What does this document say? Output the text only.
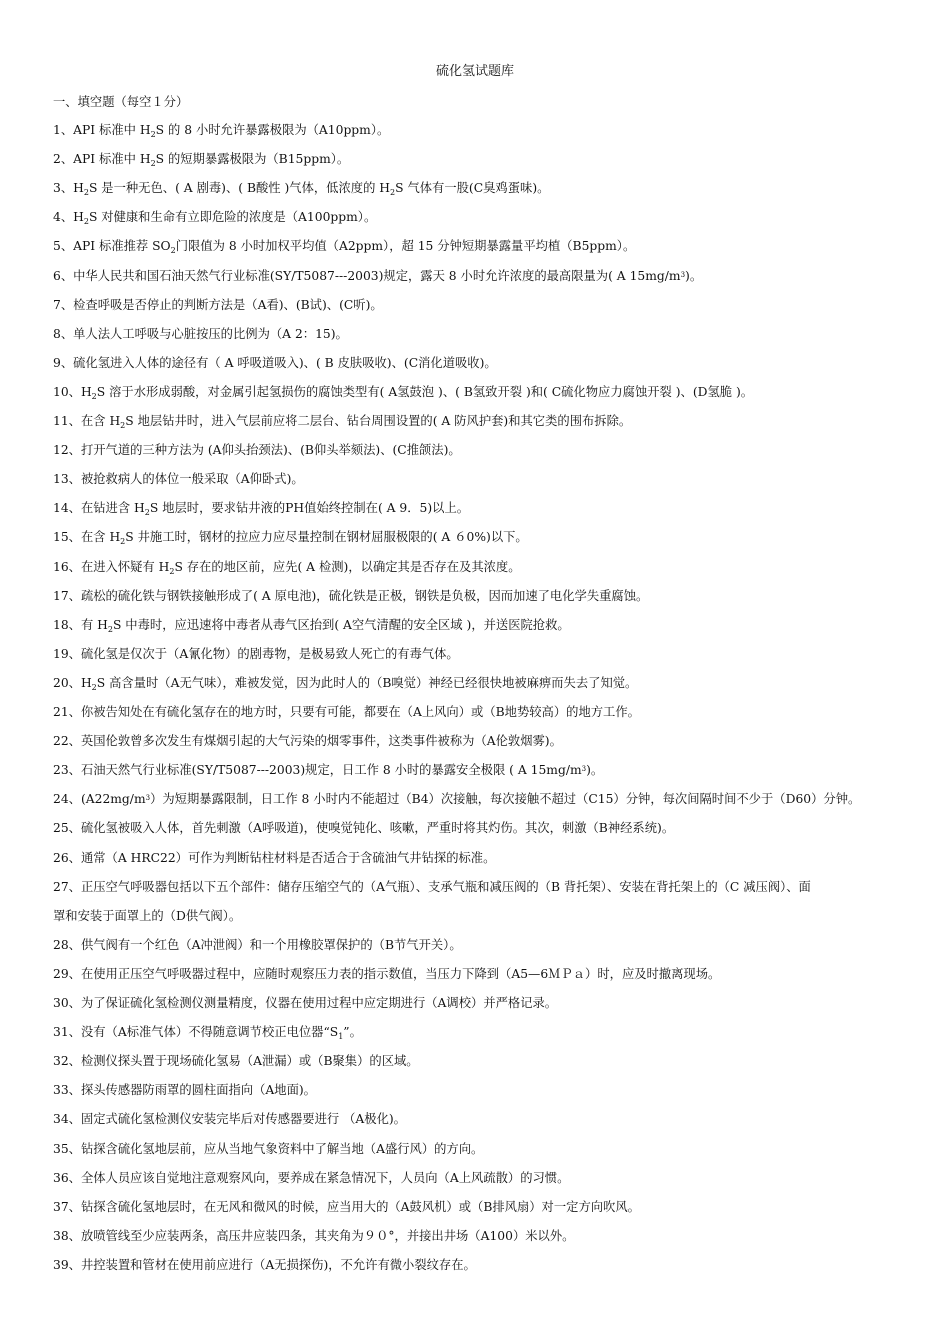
硫化氢试题库
一、填空题（每空１分）
1、API 标准中 $H_2S$ 的 8 小时允许暴露极限为（A10ppm）。
2、API 标准中 $H_2S$ 的短期暴露极限为（B15ppm）。
3、$H_2S$ 是一种无色、( A 剧毒)、( B酸性 )气体，低浓度的 $H_2S$ 气体有一股(C臭鸡蛋味)。
4、$H_2S$ 对健康和生命有立即危险的浓度是（A100ppm）。
5、API 标准推荐 $SO_2$门限值为 8 小时加权平均值（A2ppm），超 15 分钟短期暴露量平均植（B5ppm）。
6、中华人民共和国石油天然气行业标准(SY/T5087---2003)规定，露天 8 小时允许浓度的最高限量为( A $15mg/m^3$)。
7、检查呼吸是否停止的判断方法是（A看)、(B试)、(C听)。
8、单人法人工呼吸与心脏按压的比例为（A 2：15)。
9、硫化氢进入人体的途径有（ A 呼吸道吸入)、( B 皮肤吸收)、(C消化道吸收)。
10、$H_2S$ 溶于水形成弱酸，对金属引起氢损伤的腐蚀类型有( A氢鼓泡 )、( B氢致开裂 )和( C硫化物应力腐蚀开裂 )、(D氢脆 )。
11、在含 $H_2S$ 地层钻井时，进入气层前应将二层台、钻台周围设置的( A 防风护套)和其它类的围布拆除。
12、打开气道的三种方法为 (A仰头抬颈法)、(B仰头举颏法)、(C推颌法)。
13、被抢救病人的体位一般采取（A仰卧式)。
14、在钻进含 $H_2S$ 地层时，要求钻井液的PH值始终控制在( A 9．5)以上。
15、在含 $H_2S$ 井施工时，钢材的拉应力应尽量控制在钢材屈服极限的( A ６0%)以下。
16、在进入怀疑有 $H_2S$ 存在的地区前，应先( A 检测)，以确定其是否存在及其浓度。
17、疏松的硫化铁与钢铁接触形成了( A 原电池)，硫化铁是正极，钢铁是负极，因而加速了电化学失重腐蚀。
18、有 $H_2S$ 中毒时，应迅速将中毒者从毒气区抬到( A空气清醒的安全区域 )，并送医院抢救。
19、硫化氢是仅次于（A氰化物）的剧毒物，是极易致人死亡的有毒气体。
20、$H_2S$ 高含量时（A无气味），难被发觉，因为此时人的（B嗅觉）神经已经很快地被麻痹而失去了知觉。
21、你被告知处在有硫化氢存在的地方时，只要有可能，都要在（A上风向）或（B地势较高）的地方工作。
22、英国伦敦曾多次发生有煤烟引起的大气污染的烟零事件，这类事件被称为（A伦敦烟雾)。
23、石油天然气行业标准(SY/T5087---2003)规定，日工作 8 小时的暴露安全极限 ( A $15mg/m^3$)。
24、$(A22mg/m^3)$为短期暴露限制，日工作 8 小时内不能超过（B4）次接触，每次接触不超过（C15）分钟，每次间隔时间不少于（D60）分钟。
25、硫化氢被吸入人体，首先刺激（A呼吸道)，使嗅觉钝化、咳嗽，严重时将其灼伤。其次，刺激（B神经系统)。
26、通常（A HRC22）可作为判断钻柱材料是否适合于含硫油气井钻探的标准。
27、正压空气呼吸器包括以下五个部件：储存压缩空气的（A气瓶）、支承气瓶和减压阀的（B 背托架）、安装在背托架上的（C 减压阀）、面
罩和安装于面罩上的（D供气阀）。
28、供气阀有一个红色（A冲泄阀）和一个用橡胶罩保护的（B节气开关）。
29、在使用正压空气呼吸器过程中，应随时观察压力表的指示数值，当压力下降到（A5—6ＭＰａ）时，应及时撤离现场。
30、为了保证硫化氢检测仪测量精度，仪器在使用过程中应定期进行（A调校）并严格记录。
31、没有（A标准气体）不得随意调节校正电位器“$S_1$”。
32、检测仪探头置于现场硫化氢易（A泄漏）或（B聚集）的区域。
33、探头传感器防雨罩的圆柱面指向（A地面)。
34、固定式硫化氢检测仪安装完毕后对传感器要进行 （A极化)。
35、钻探含硫化氢地层前，应从当地气象资料中了解当地（A盛行风）的方向。
36、全体人员应该自觉地注意观察风向，要养成在紧急情况下，人员向（A上风疏散）的习惯。
37、钻探含硫化氢地层时，在无风和微风的时候，应当用大的（A鼓风机）或（B排风扇）对一定方向吹风。
38、放喷管线至少应装两条，高压井应装四条，其夹角为９０°，并接出井场（A100）米以外。
39、井控装置和管材在使用前应进行（A无损探伤)，不允许有微小裂纹存在。
